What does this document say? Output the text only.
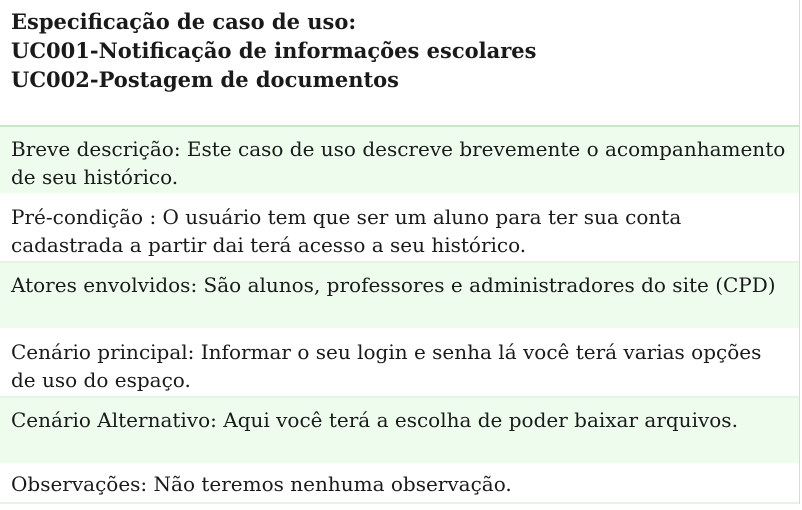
Especificação de caso de uso:
UC001-Notificação de informações escolares
UC002-Postagem de documentos

Breve descrição: Este caso de uso descreve brevemente o acompanhamento de seu histórico.

Pré-condição : O usuário tem que ser um aluno para ter sua conta cadastrada a partir dai terá acesso a seu histórico.

Atores envolvidos: São alunos, professores e administradores do site (CPD)

Cenário principal: Informar o seu login e senha lá você terá varias opções de uso do espaço.

Cenário Alternativo: Aqui você terá a escolha de poder baixar arquivos.

Observações: Não teremos nenhuma observação.
